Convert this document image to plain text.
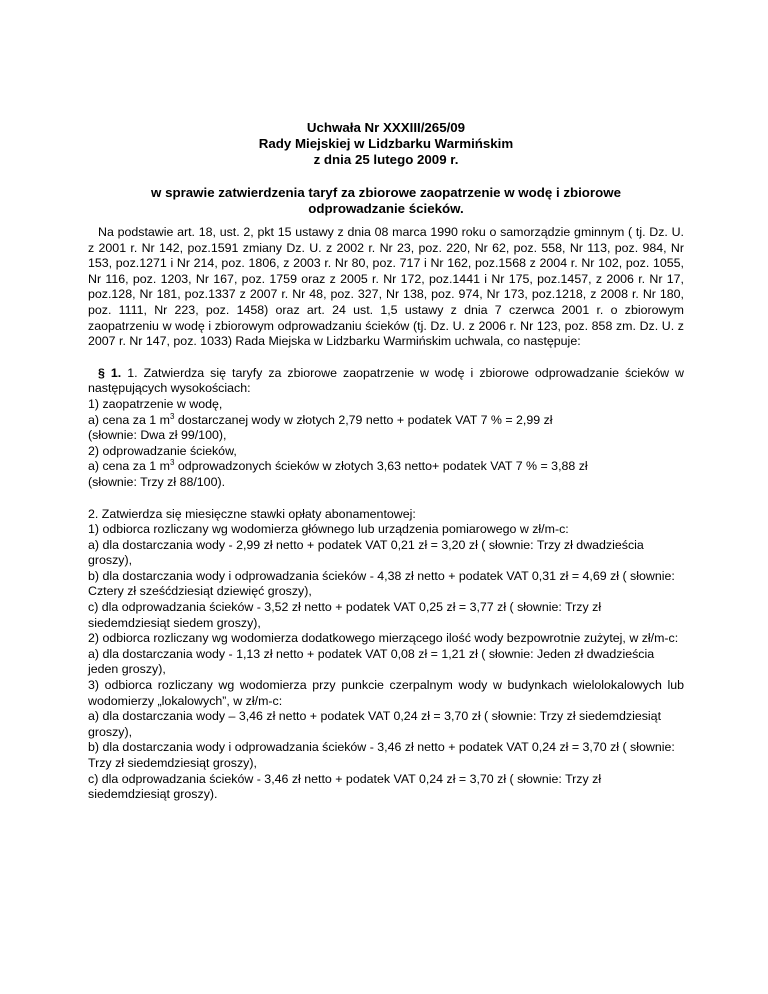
Uchwała Nr XXXIII/265/09
Rady Miejskiej w Lidzbarku Warmińskim
z dnia 25 lutego 2009 r.
w sprawie zatwierdzenia taryf za zbiorowe zaopatrzenie w wodę i zbiorowe
odprowadzanie ścieków.
Na podstawie art. 18, ust. 2, pkt 15 ustawy z dnia 08 marca 1990 roku o samorządzie gminnym ( tj. Dz. U. z 2001 r. Nr 142, poz.1591 zmiany Dz. U. z 2002 r. Nr 23, poz. 220, Nr 62, poz. 558, Nr 113, poz. 984, Nr 153, poz.1271 i Nr 214, poz. 1806, z 2003 r. Nr 80, poz. 717 i Nr 162, poz.1568 z 2004 r. Nr 102, poz. 1055, Nr 116, poz. 1203, Nr 167, poz. 1759 oraz z 2005 r. Nr 172, poz.1441 i Nr 175, poz.1457, z 2006 r. Nr 17, poz.128, Nr 181, poz.1337 z 2007 r. Nr 48, poz. 327, Nr 138, poz. 974, Nr 173, poz.1218, z 2008 r. Nr 180, poz. 1111, Nr 223, poz. 1458) oraz art. 24 ust. 1,5 ustawy z dnia 7 czerwca 2001 r. o zbiorowym zaopatrzeniu w wodę i zbiorowym odprowadzaniu ścieków (tj. Dz. U. z 2006 r. Nr 123, poz. 858 zm. Dz. U. z 2007 r. Nr 147, poz. 1033) Rada Miejska w Lidzbarku Warmińskim uchwala, co następuje:
§ 1. 1. Zatwierdza się taryfy za zbiorowe zaopatrzenie w wodę i zbiorowe odprowadzanie ścieków w następujących wysokościach:
1) zaopatrzenie w wodę,
a) cena za 1 $m^3$ dostarczanej wody w złotych 2,79 netto + podatek VAT 7 % = 2,99 zł
(słownie: Dwa zł 99/100),
2) odprowadzanie ścieków,
a) cena za 1 $m^3$ odprowadzonych ścieków w złotych 3,63 netto+ podatek VAT 7 % = 3,88 zł
(słownie: Trzy zł 88/100).
2. Zatwierdza się miesięczne stawki opłaty abonamentowej:
1) odbiorca rozliczany wg wodomierza głównego lub urządzenia pomiarowego w zł/m-c:
a) dla dostarczania wody - 2,99 zł netto + podatek VAT 0,21 zł = 3,20 zł ( słownie: Trzy zł dwadzieścia groszy),
b) dla dostarczania wody i odprowadzania ścieków - 4,38 zł netto + podatek VAT 0,31 zł = 4,69 zł ( słownie: Cztery zł sześćdziesiąt dziewięć groszy),
c) dla odprowadzania ścieków - 3,52 zł netto + podatek VAT 0,25 zł = 3,77 zł ( słownie: Trzy zł siedemdziesiąt siedem groszy),
2) odbiorca rozliczany wg wodomierza dodatkowego mierzącego ilość wody bezpowrotnie zużytej, w zł/m-c:
a) dla dostarczania wody - 1,13 zł netto + podatek VAT 0,08 zł = 1,21 zł ( słownie: Jeden zł dwadzieścia jeden groszy),
3) odbiorca rozliczany wg wodomierza przy punkcie czerpalnym wody w budynkach wielolokalowych lub wodomierzy „lokalowych”, w zł/m-c:
a) dla dostarczania wody – 3,46 zł netto + podatek VAT 0,24 zł = 3,70 zł ( słownie: Trzy zł siedemdziesiąt groszy),
b) dla dostarczania wody i odprowadzania ścieków - 3,46 zł netto + podatek VAT 0,24 zł = 3,70 zł ( słownie: Trzy zł siedemdziesiąt groszy),
c) dla odprowadzania ścieków - 3,46 zł netto + podatek VAT 0,24 zł = 3,70 zł ( słownie: Trzy zł siedemdziesiąt groszy).
